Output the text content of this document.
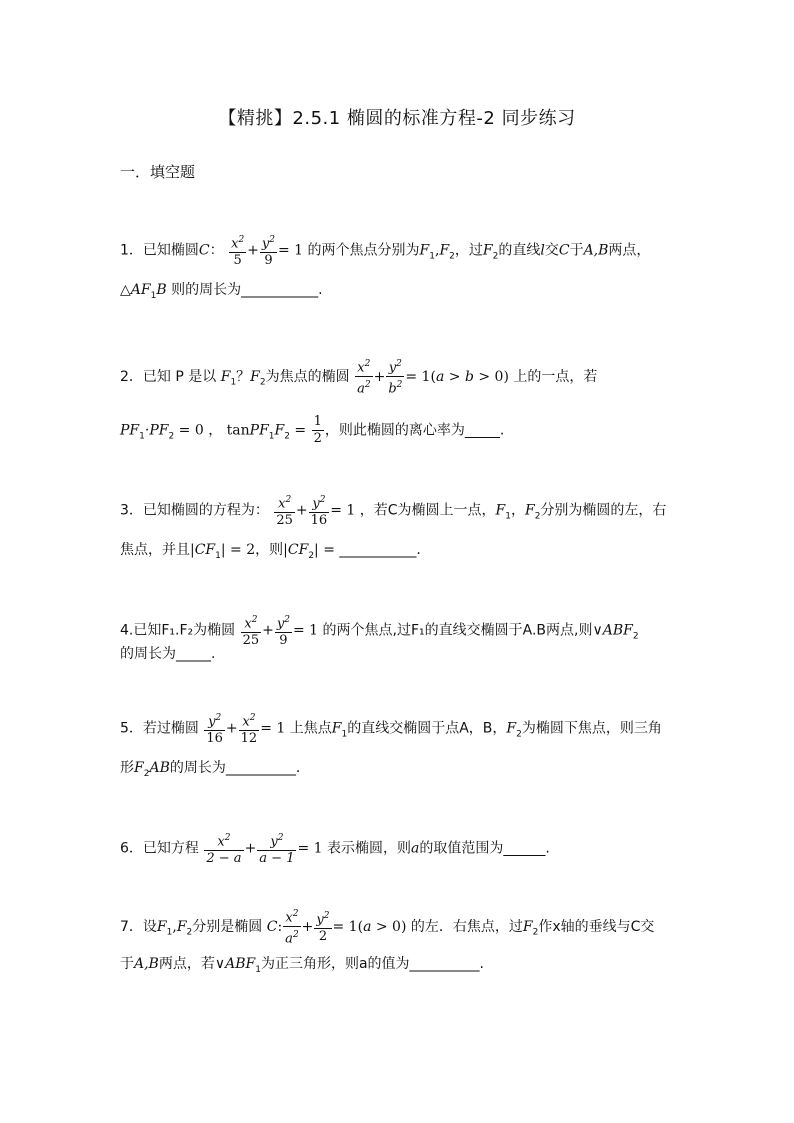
【精挑】2.5.1 椭圆的标准方程-2 同步练习
一．填空题
1．已知椭圆C： $\frac{x^2}{5} + \frac{y^2}{9} = 1$ 的两个焦点分别为$F_1,F_2$，过$F_2$的直线l交C于A,B两点，
$\triangle AF_1B$ 则的周长为___________.
2．已知 P 是以 $F_1$？$F_2$为焦点的椭圆 $\frac{x^2}{a^2} + \frac{y^2}{b^2} = 1(a > b > 0)$ 上的一点，若
$PF_1\cdot PF_2 = 0$ ， $tanPF_1F_2 = \frac{1}{2}$ ，则此椭圆的离心率为_____.
3．已知椭圆的方程为： $\frac{x^2}{25} + \frac{y^2}{16} = 1$ ，若C为椭圆上一点，$F_1$，$F_2$分别为椭圆的左，右
焦点，并且$|CF_1| = 2$，则$|CF_2|$ = ___________.
4.已知F₁.F₂为椭圆 $\frac{x^2}{25} + \frac{y^2}{9} = 1$ 的两个焦点,过F₁的直线交椭圆于A.B两点,则$\vee ABF_2$
的周长为_____.
5．若过椭圆 $\frac{y^2}{16} + \frac{x^2}{12} = 1$ 上焦点$F_1$的直线交椭圆于点A，B，$F_2$为椭圆下焦点，则三角
形$F_2AB$的周长为__________.
6．已知方程 $\frac{x^2}{2 - a} + \frac{y^2}{a - 1} = 1$ 表示椭圆，则a的取值范围为______.
7．设$F_1,F_2$分别是椭圆 C: $\frac{x^2}{a^2} + \frac{y^2}{2} = 1(a > 0)$ 的左．右焦点，过$F_2$作x轴的垂线与C交
于A,B两点，若$\vee ABF_1$为正三角形，则a的值为__________.
